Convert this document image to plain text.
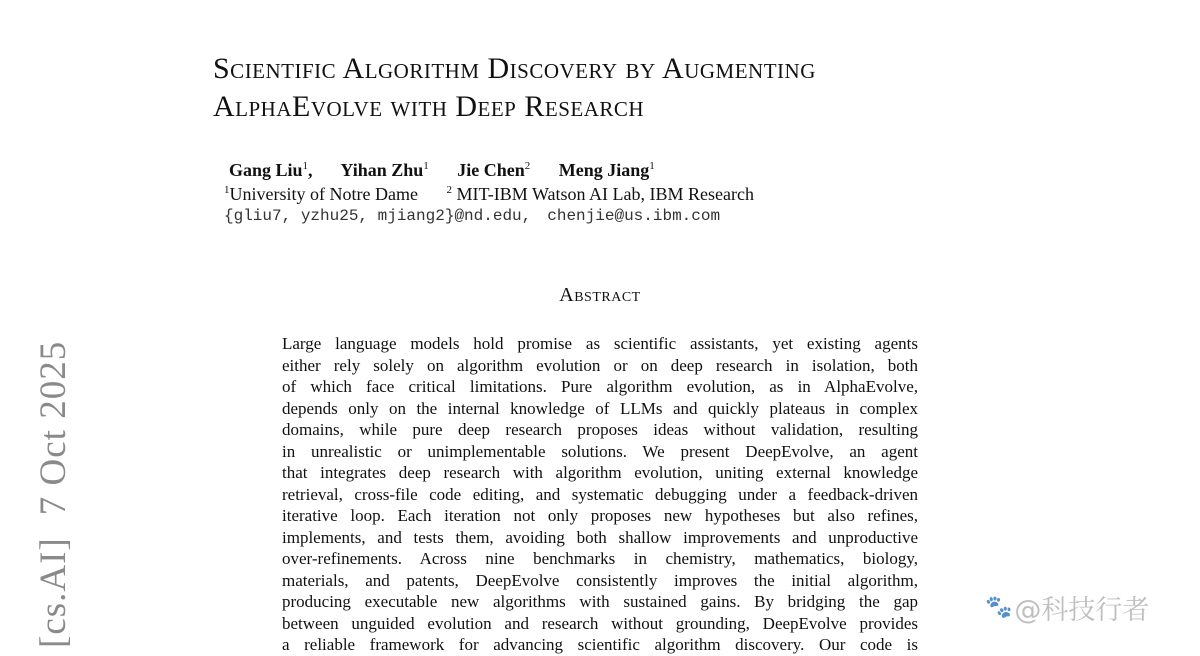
Scientific Algorithm Discovery by Augmenting
AlphaEvolve with Deep Research
Gang Liu$^1$, Yihan Zhu$^1$ Jie Chen$^2$ Meng Jiang$^1$
$^1$University of Notre Dame	$^2$ MIT-IBM Watson AI Lab, IBM Research
{gliu7, yzhu25, mjiang2}@nd.edu, chenjie@us.ibm.com
Abstract
Large language models hold promise as scientific assistants, yet existing agents
either rely solely on algorithm evolution or on deep research in isolation, both
of which face critical limitations. Pure algorithm evolution, as in AlphaEvolve,
depends only on the internal knowledge of LLMs and quickly plateaus in complex
domains, while pure deep research proposes ideas without validation, resulting
in unrealistic or unimplementable solutions. We present DeepEvolve, an agent
that integrates deep research with algorithm evolution, uniting external knowledge
retrieval, cross-file code editing, and systematic debugging under a feedback-driven
iterative loop. Each iteration not only proposes new hypotheses but also refines,
implements, and tests them, avoiding both shallow improvements and unproductive
over-refinements. Across nine benchmarks in chemistry, mathematics, biology,
materials, and patents, DeepEvolve consistently improves the initial algorithm,
producing executable new algorithms with sustained gains. By bridging the gap
between unguided evolution and research without grounding, DeepEvolve provides
a reliable framework for advancing scientific algorithm discovery. Our code is
[cs.AI]7 Oct 2025
🐾 @科技行者
